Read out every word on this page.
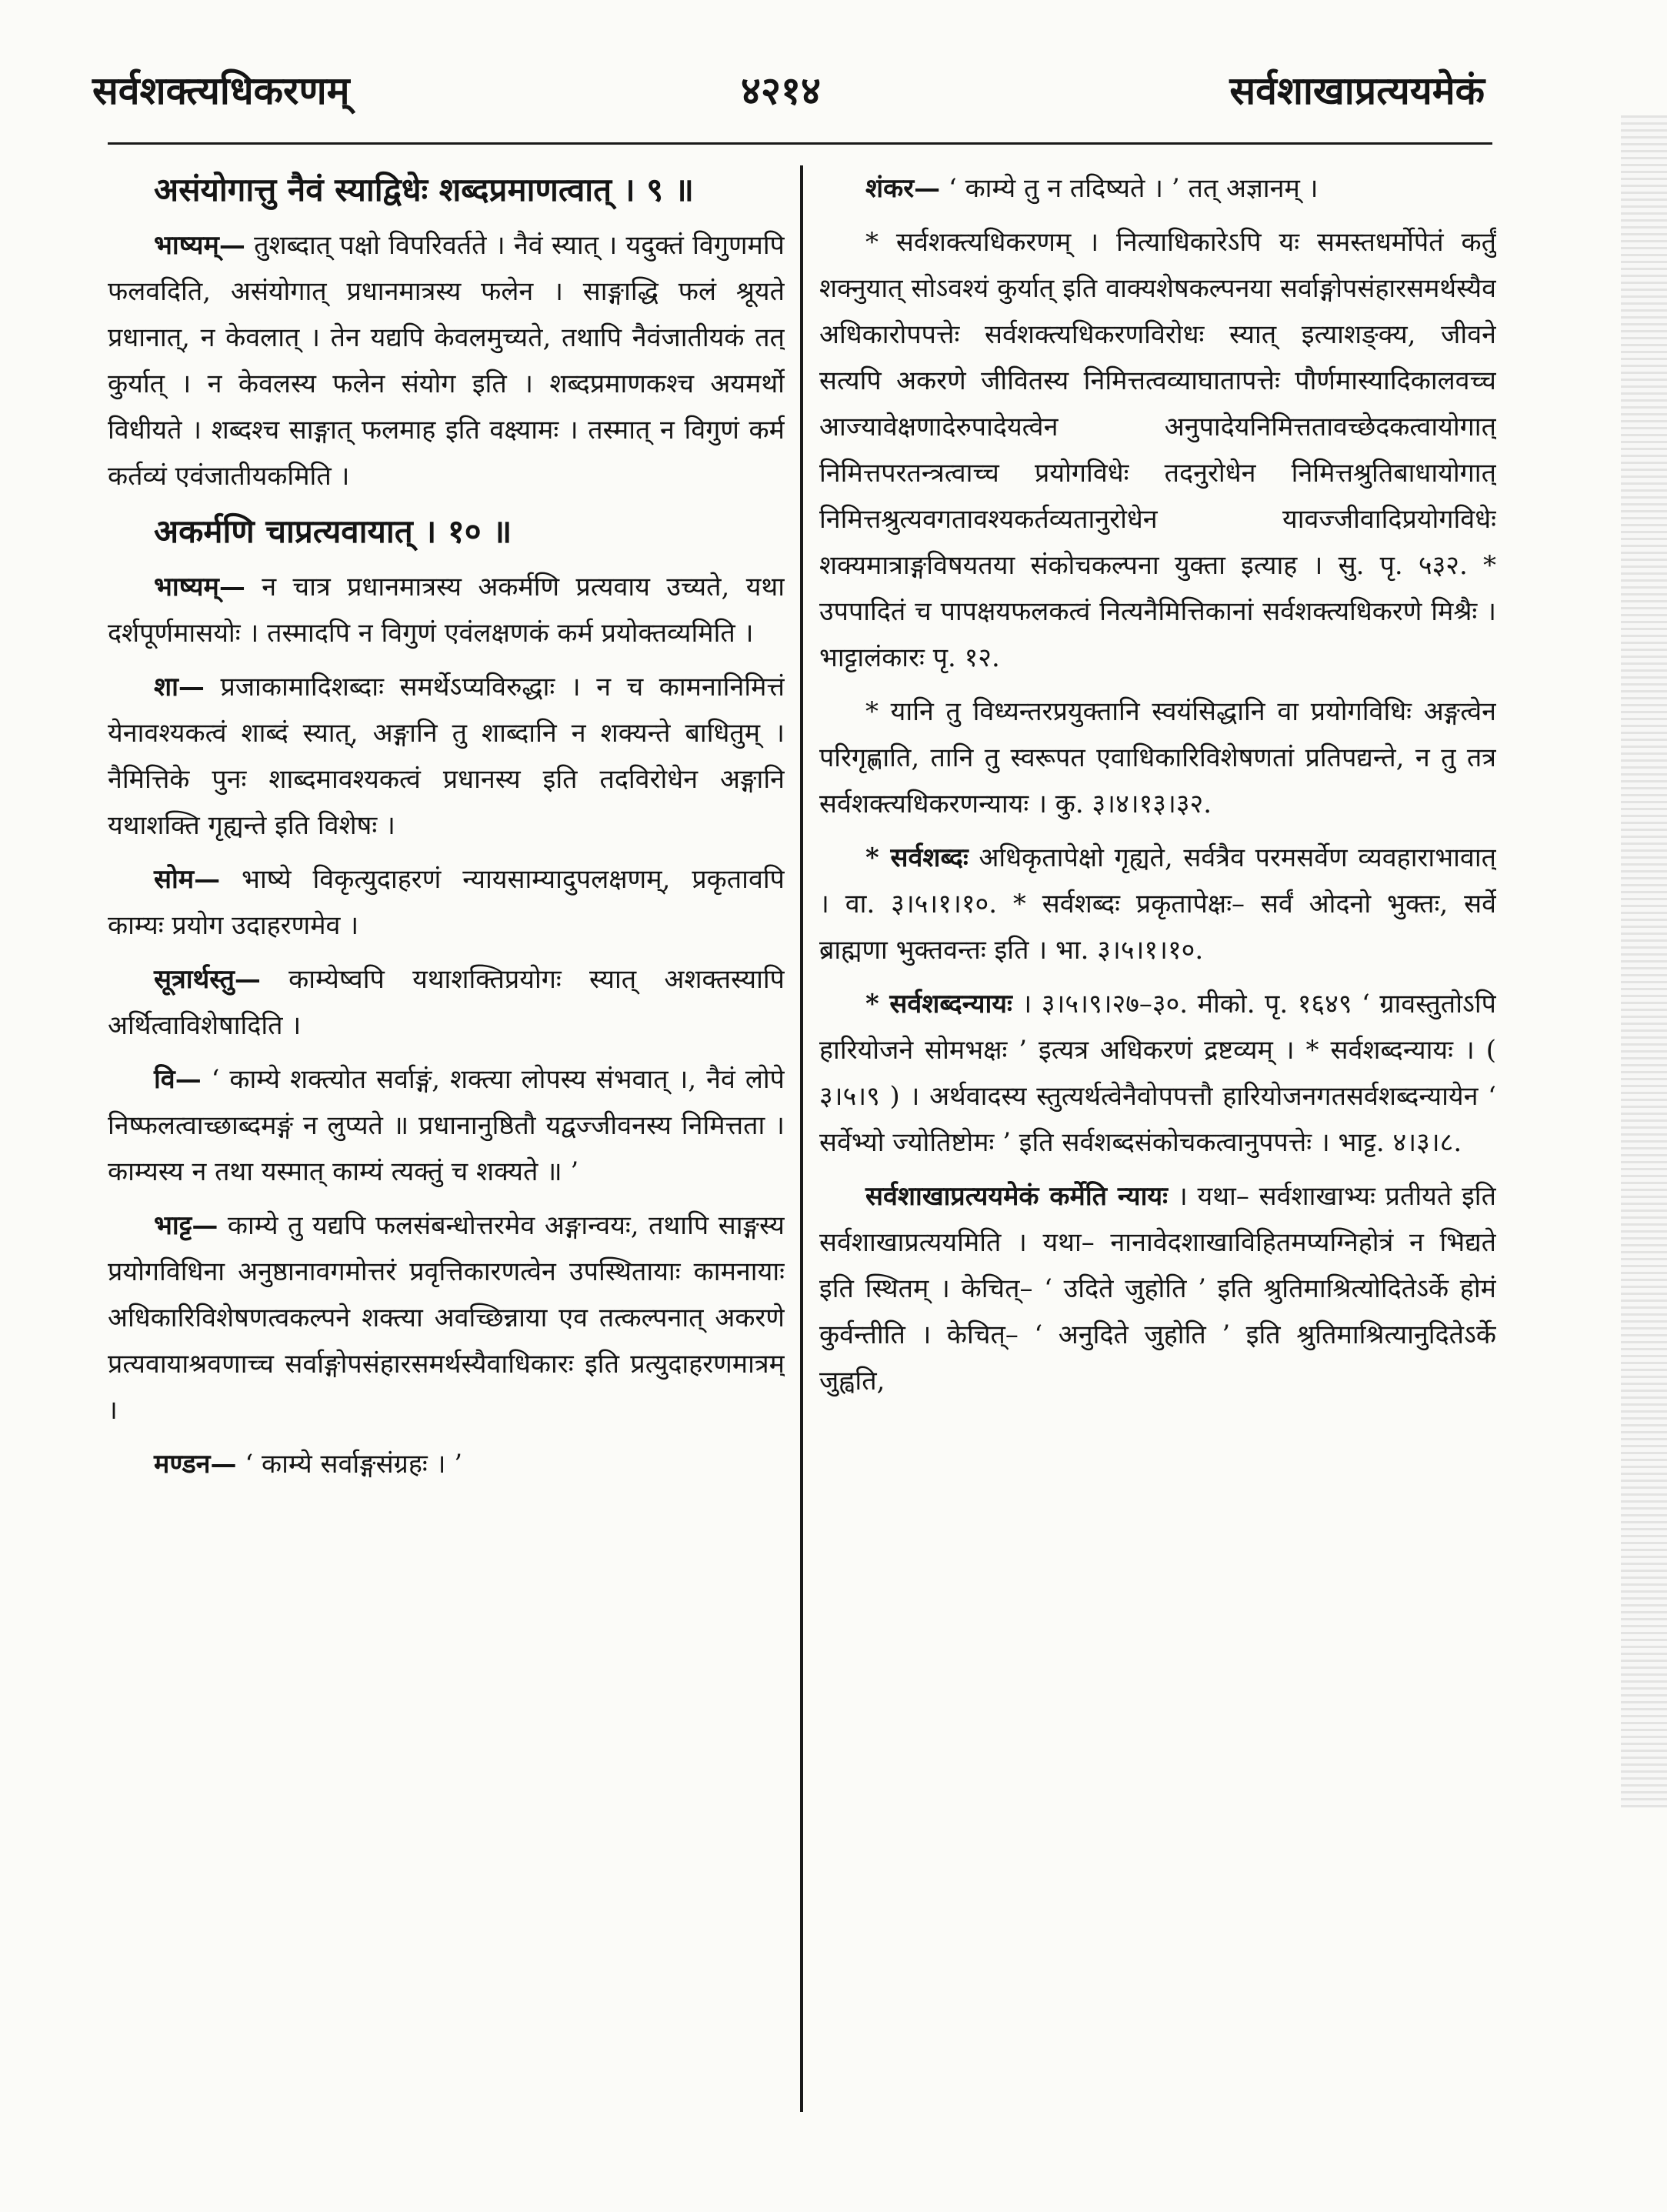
सर्वशक्त्यधिकरणम्	४२१४	सर्वशाखाप्रत्ययमेकं

असंयोगात्तु नैवं स्याद्विधेः शब्दप्रमाणत्वात् । ९ ॥

भाष्यम्— तुशब्दात् पक्षो विपरिवर्तते । नैवं स्यात् । यदुक्तं विगुणमपि फलवदिति, असंयोगात् प्रधानमात्रस्य फलेन । साङ्गाद्धि फलं श्रूयते प्रधानात्, न केवलात् । तेन यद्यपि केवलमुच्यते, तथापि नैवंजातीयकं तत् कुर्यात् । न केवलस्य फलेन संयोग इति । शब्दप्रमाणकश्च अयमर्थो विधीयते । शब्दश्च साङ्गात् फलमाह इति वक्ष्यामः । तस्मात् न विगुणं कर्म कर्तव्यं एवंजातीयकमिति ।

अकर्मणि चाप्रत्यवायात् । १० ॥

भाष्यम्— न चात्र प्रधानमात्रस्य अकर्मणि प्रत्यवाय उच्यते, यथा दर्शपूर्णमासयोः । तस्मादपि न विगुणं एवंलक्षणकं कर्म प्रयोक्तव्यमिति ।

शा— प्रजाकामादिशब्दाः समर्थेऽप्यविरुद्धाः । न च कामनानिमित्तं येनावश्यकत्वं शाब्दं स्यात्, अङ्गानि तु शाब्दानि न शक्यन्ते बाधितुम् । नैमित्तिके पुनः शाब्दमावश्यकत्वं प्रधानस्य इति तदविरोधेन अङ्गानि यथाशक्ति गृह्यन्ते इति विशेषः ।

सोम— भाष्ये विकृत्युदाहरणं न्यायसाम्यादुपलक्षणम्, प्रकृतावपि काम्यः प्रयोग उदाहरणमेव ।

सूत्रार्थस्तु— काम्येष्वपि यथाशक्तिप्रयोगः स्यात् अशक्तस्यापि अर्थित्वाविशेषादिति ।

वि— ‘ काम्ये शक्त्योत सर्वाङ्गं, शक्त्या लोपस्य संभवात् ।, नैवं लोपे निष्फलत्वाच्छाब्दमङ्गं न लुप्यते ॥ प्रधानानुष्ठितौ यद्वज्जीवनस्य निमित्तता । काम्यस्य न तथा यस्मात् काम्यं त्यक्तुं च शक्यते ॥ ’

भाट्ट— काम्ये तु यद्यपि फलसंबन्धोत्तरमेव अङ्गान्वयः, तथापि साङ्गस्य प्रयोगविधिना अनुष्ठानावगमोत्तरं प्रवृत्तिकारणत्वेन उपस्थितायाः कामनायाः अधिकारिविशेषणत्वकल्पने शक्त्या अवच्छिन्नाया एव तत्कल्पनात् अकरणे प्रत्यवायाश्रवणाच्च सर्वाङ्गोपसंहारसमर्थस्यैवाधिकारः इति प्रत्युदाहरणमात्रम् ।

मण्डन— ‘ काम्ये सर्वाङ्गसंग्रहः । ’

शंकर— ‘ काम्ये तु न तदिष्यते । ’ तत् अज्ञानम् ।

* सर्वशक्त्यधिकरणम् । नित्याधिकारेऽपि यः समस्तधर्मोपेतं कर्तुं शक्नुयात् सोऽवश्यं कुर्यात् इति वाक्यशेषकल्पनया सर्वाङ्गोपसंहारसमर्थस्यैव अधिकारोपपत्तेः सर्वशक्त्यधिकरणविरोधः स्यात् इत्याशङ्क्य, जीवने सत्यपि अकरणे जीवितस्य निमित्तत्वव्याघातापत्तेः पौर्णमास्यादिकालवच्च आज्यावेक्षणादेरुपादेयत्वेन अनुपादेयनिमित्ततावच्छेदकत्वायोगात् निमित्तपरतन्त्रत्वाच्च प्रयोगविधेः तदनुरोधेन निमित्तश्रुतिबाधायोगात् निमित्तश्रुत्यवगतावश्यकर्तव्यतानुरोधेन यावज्जीवादिप्रयोगविधेः शक्यमात्राङ्गविषयतया संकोचकल्पना युक्ता इत्याह । सु. पृ. ५३२. * उपपादितं च पापक्षयफलकत्वं नित्यनैमित्तिकानां सर्वशक्त्यधिकरणे मिश्रैः । भाट्टालंकारः पृ. १२.

* यानि तु विध्यन्तरप्रयुक्तानि स्वयंसिद्धानि वा प्रयोगविधिः अङ्गत्वेन परिगृह्णाति, तानि तु स्वरूपत एवाधिकारिविशेषणतां प्रतिपद्यन्ते, न तु तत्र सर्वशक्त्यधिकरणन्यायः । कु. ३।४।१३।३२.

* सर्वशब्दः अधिकृतापेक्षो गृह्यते, सर्वत्रैव परमसर्वेण व्यवहाराभावात् । वा. ३।५।१।१०. * सर्वशब्दः प्रकृतापेक्षः– सर्वं ओदनो भुक्तः, सर्वे ब्राह्मणा भुक्तवन्तः इति । भा. ३।५।१।१०.

* सर्वशब्दन्यायः । ३।५।९।२७–३०. मीको. पृ. १६४९ ‘ ग्रावस्तुतोऽपि हारियोजने सोमभक्षः ’ इत्यत्र अधिकरणं द्रष्टव्यम् । * सर्वशब्दन्यायः । ( ३।५।९ ) । अर्थवादस्य स्तुत्यर्थत्वेनैवोपपत्तौ हारियोजनगतसर्वशब्दन्यायेन ‘ सर्वेभ्यो ज्योतिष्टोमः ’ इति सर्वशब्दसंकोचकत्वानुपपत्तेः । भाट्ट. ४।३।८.

सर्वशाखाप्रत्ययमेकं कर्मेति न्यायः । यथा– सर्वशाखाभ्यः प्रतीयते इति सर्वशाखाप्रत्ययमिति । यथा– नानावेदशाखाविहितमप्यग्निहोत्रं न भिद्यते इति स्थितम् । केचित्– ‘ उदिते जुहोति ’ इति श्रुतिमाश्रित्योदितेऽर्के होमं कुर्वन्तीति । केचित्– ‘ अनुदिते जुहोति ’ इति श्रुतिमाश्रित्यानुदितेऽर्के जुह्वति,
